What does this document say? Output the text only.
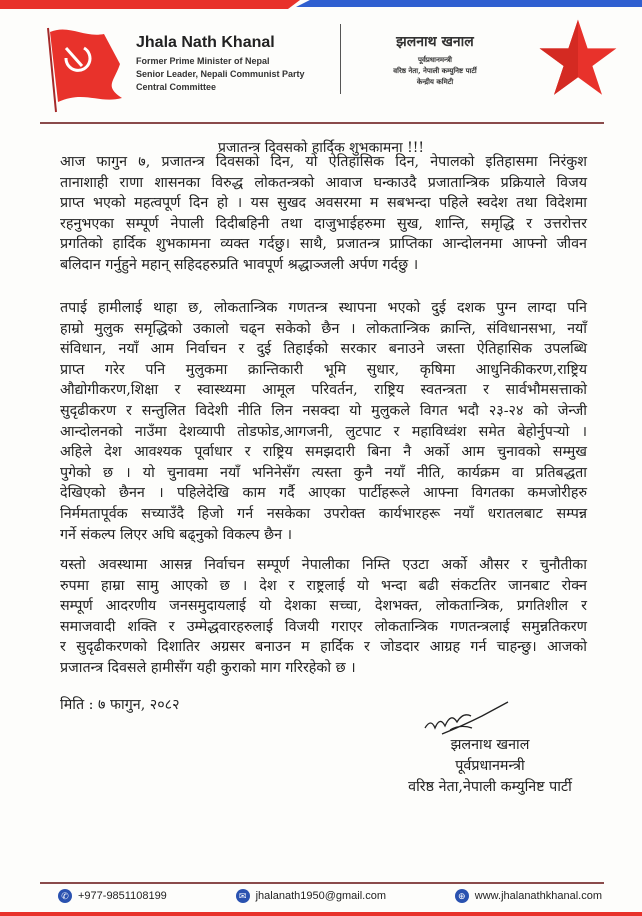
Jhala Nath Khanal
Former Prime Minister of Nepal
Senior Leader, Nepali Communist Party
Central Committee
झलनाथ खनाल
पूर्वप्रधानमन्त्री
वरिष्ठ नेता, नेपाली कम्युनिष्ट पार्टी
केन्द्रीय कमिटी
प्रजातन्त्र दिवसको हार्दिक शुभकामना !!!
आज फागुन ७, प्रजातन्त्र दिवसको दिन, यो ऐतिहासिक दिन, नेपालको इतिहासमा निरंकुश
तानाशाही राणा शासनका विरुद्ध लोकतन्त्रको आवाज घन्काउदै प्रजातान्त्रिक प्रक्रियाले विजय
प्राप्त भएको महत्वपूर्ण दिन हो । यस सुखद अवसरमा म सबभन्दा पहिले स्वदेश तथा विदेशमा
रहनुभएका सम्पूर्ण नेपाली दिदीबहिनी तथा दाजुभाईहरुमा सुख, शान्ति, समृद्धि र उत्तरोत्तर
प्रगतिको हार्दिक शुभकामना व्यक्त गर्दछु। साथै, प्रजातन्त्र प्राप्तिका आन्दोलनमा आफ्नो जीवन
बलिदान गर्नुहुने महान् सहिदहरुप्रति भावपूर्ण श्रद्धाञ्जली अर्पण गर्दछु ।
तपाई हामीलाई थाहा छ, लोकतान्त्रिक गणतन्त्र स्थापना भएको दुई दशक पुग्न लाग्दा पनि
हाम्रो मुलुक समृद्धिको उकालो चढ्न सकेको छैन । लोकतान्त्रिक क्रान्ति, संविधानसभा, नयाँ
संविधान, नयाँ आम निर्वाचन र दुई तिहाईको सरकार बनाउने जस्ता ऐतिहासिक उपलब्धि
प्राप्त गरेर पनि मुलुकमा क्रान्तिकारी भूमि सुधार, कृषिमा आधुनिकीकरण,राष्ट्रिय
औद्योगीकरण,शिक्षा र स्वास्थ्यमा आमूल परिवर्तन, राष्ट्रिय स्वतन्त्रता र सार्वभौमसत्ताको
सुदृढीकरण र सन्तुलित विदेशी नीति लिन नसक्दा यो मुलुकले विगत भदौ २३-२४ को जेन्जी
आन्दोलनको नाउँमा देशव्यापी तोडफोड,आगजनी, लुटपाट र महाविध्वंश समेत बेहोर्नुपर्‍यो ।
अहिले देश आवश्यक पूर्वाधार र राष्ट्रिय समझदारी बिना नै अर्को आम चुनावको सम्मुख
पुगेको छ । यो चुनावमा नयाँ भनिनेसँग त्यस्ता कुनै नयाँ नीति, कार्यक्रम वा प्रतिबद्धता
देखिएको छैनन । पहिलेदेखि काम गर्दै आएका पार्टीहरूले आफ्ना विगतका कमजोरीहरु
निर्ममतापूर्वक सच्याउँदै हिजो गर्न नसकेका उपरोक्त कार्यभारहरू नयाँ धरातलबाट सम्पन्न
गर्ने संकल्प लिएर अघि बढ्नुको विकल्प छैन ।
यस्तो अवस्थामा आसन्न निर्वाचन सम्पूर्ण नेपालीका निम्ति एउटा अर्को औसर र चुनौतीका
रुपमा हाम्रा सामु आएको छ । देश र राष्ट्रलाई यो भन्दा बढी संकटतिर जानबाट रोक्न
सम्पूर्ण आदरणीय जनसमुदायलाई यो देशका सच्चा, देशभक्त, लोकतान्त्रिक, प्रगतिशील र
समाजवादी शक्ति र उम्मेद्धवारहरुलाई विजयी गराएर लोकतान्त्रिक गणतन्त्रलाई समुन्नतिकरण
र सुदृढीकरणको दिशातिर अग्रसर बनाउन म हार्दिक र जोडदार आग्रह गर्न चाहन्छु। आजको
प्रजातन्त्र दिवसले हामीसँग यही कुराको माग गरिरहेको छ ।
मिति : ७ फागुन, २०८२
झलनाथ खनाल
पूर्वप्रधानमन्त्री
वरिष्ठ नेता,नेपाली कम्युनिष्ट पार्टी
✆ +977-9851108199	✉ jhalanath1950@gmail.com	⊕ www.jhalanathkhanal.com
